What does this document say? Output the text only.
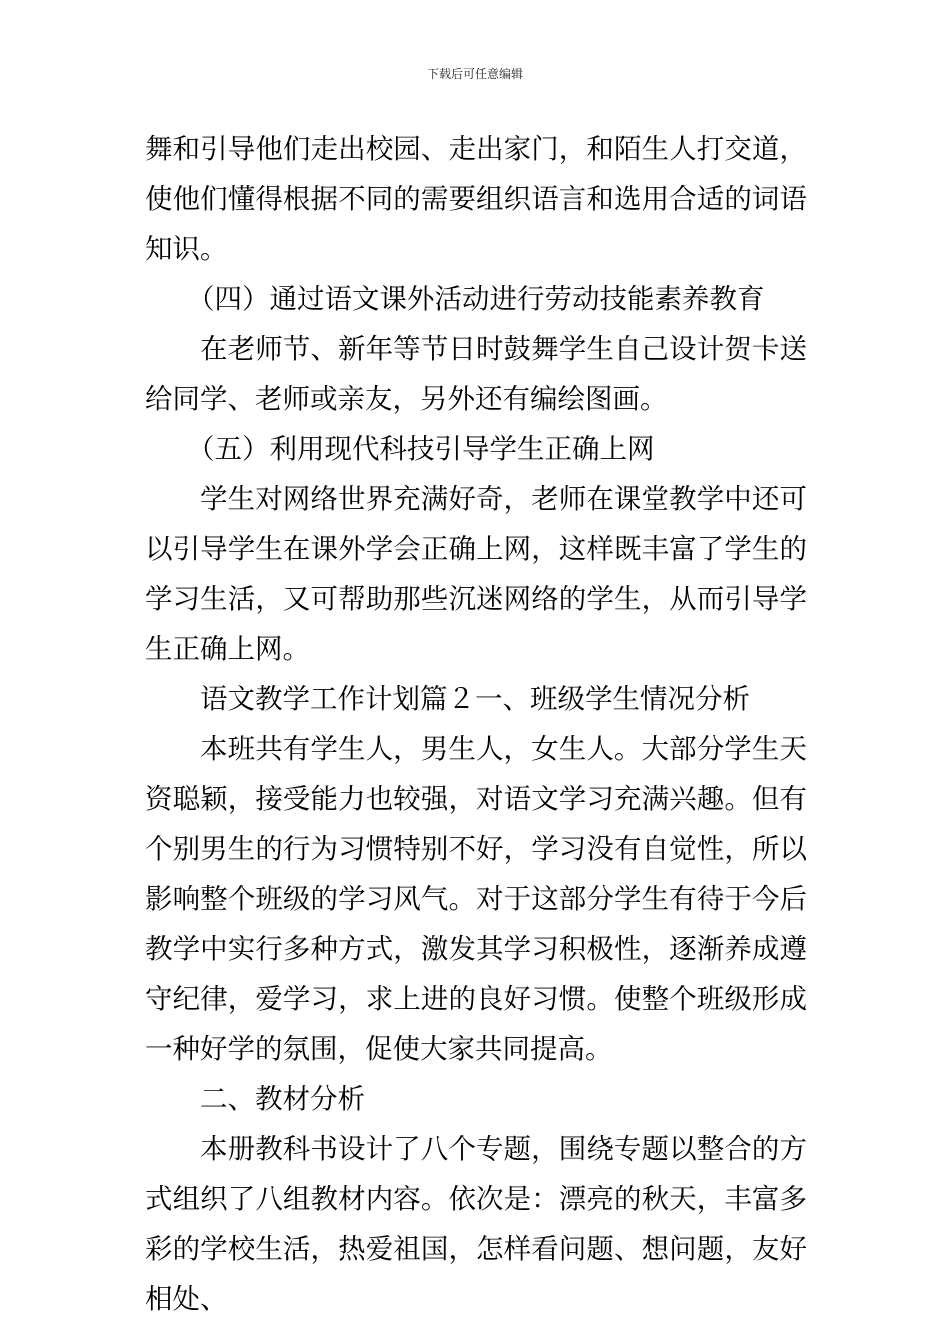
下载后可任意编辑

舞和引导他们走出校园、走出家门，和陌生人打交道，使他们懂得根据不同的需要组织语言和选用合适的词语知识。

（四）通过语文课外活动进行劳动技能素养教育

在老师节、新年等节日时鼓舞学生自己设计贺卡送给同学、老师或亲友，另外还有编绘图画。

（五）利用现代科技引导学生正确上网

学生对网络世界充满好奇，老师在课堂教学中还可以引导学生在课外学会正确上网，这样既丰富了学生的学习生活，又可帮助那些沉迷网络的学生，从而引导学生正确上网。

语文教学工作计划篇２一、班级学生情况分析

本班共有学生人，男生人，女生人。大部分学生天资聪颖，接受能力也较强，对语文学习充满兴趣。但有个别男生的行为习惯特别不好，学习没有自觉性，所以影响整个班级的学习风气。对于这部分学生有待于今后教学中实行多种方式，激发其学习积极性，逐渐养成遵守纪律，爱学习，求上进的良好习惯。使整个班级形成一种好学的氛围，促使大家共同提高。

二、教材分析

本册教科书设计了八个专题，围绕专题以整合的方式组织了八组教材内容。依次是：漂亮的秋天，丰富多彩的学校生活，热爱祖国，怎样看问题、想问题，友好相处、
